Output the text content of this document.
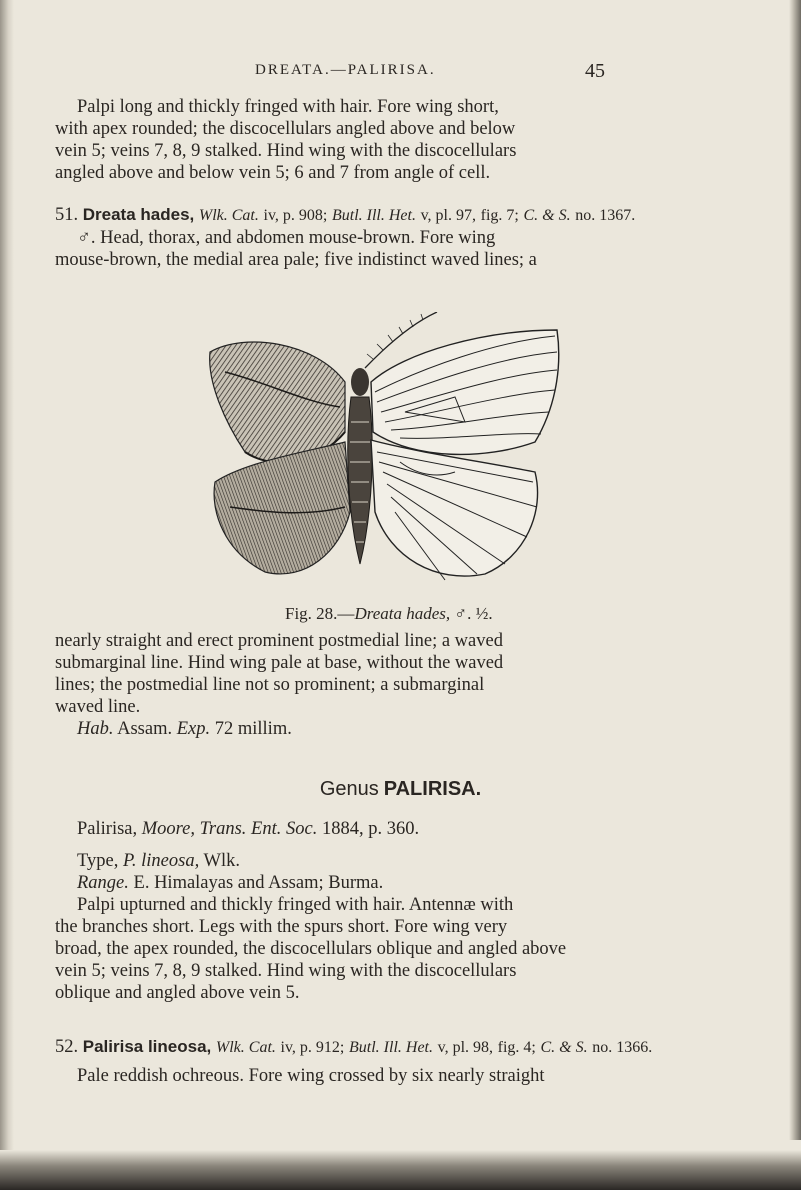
DREATA.—PALIRISA.	45

Palpi long and thickly fringed with hair. Fore wing short,

with apex rounded; the discocellulars angled above and below

vein 5; veins 7, 8, 9 stalked. Hind wing with the discocellulars

angled above and below vein 5; 6 and 7 from angle of cell.

51. Dreata hades, Wlk. Cat. iv, p. 908; Butl. Ill. Het. v, pl. 97, fig. 7; C. & S. no. 1367.

♂. Head, thorax, and abdomen mouse-brown. Fore wing

mouse-brown, the medial area pale; five indistinct waved lines; a

Fig. 28.—Dreata hades, ♂. ½.

nearly straight and erect prominent postmedial line; a waved

submarginal line. Hind wing pale at base, without the waved

lines; the postmedial line not so prominent; a submarginal

waved line.

Hab. Assam. Exp. 72 millim.

Genus PALIRISA.

Palirisa, Moore, Trans. Ent. Soc. 1884, p. 360.

Type, P. lineosa, Wlk.

Range. E. Himalayas and Assam; Burma.

Palpi upturned and thickly fringed with hair. Antennæ with

the branches short. Legs with the spurs short. Fore wing very

broad, the apex rounded, the discocellulars oblique and angled above

vein 5; veins 7, 8, 9 stalked. Hind wing with the discocellulars

oblique and angled above vein 5.

52. Palirisa lineosa, Wlk. Cat. iv, p. 912; Butl. Ill. Het. v, pl. 98, fig. 4; C. & S. no. 1366.

Pale reddish ochreous. Fore wing crossed by six nearly straight
